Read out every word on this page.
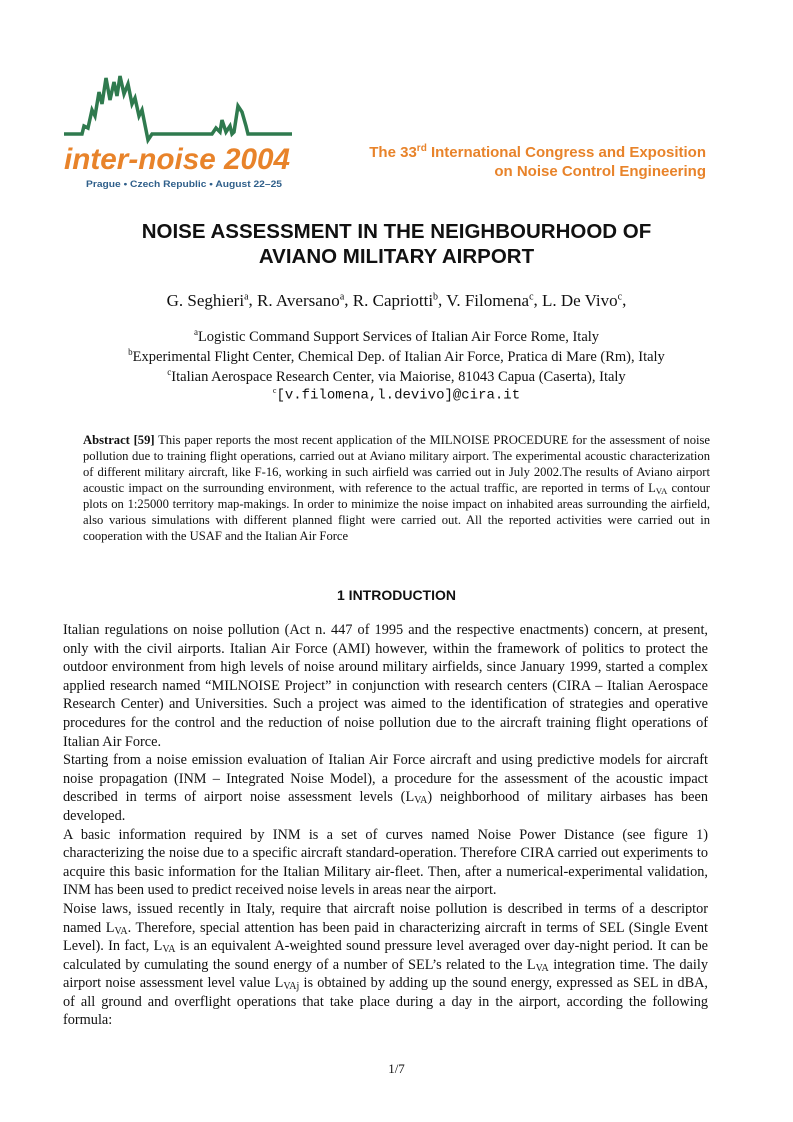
inter-noise 2004
Prague • Czech Republic • August 22–25
The 33rd International Congress and Exposition
on Noise Control Engineering
NOISE ASSESSMENT IN THE NEIGHBOURHOOD OF
AVIANO MILITARY AIRPORT
G. Seghieri$^a$, R. Aversano$^a$, R. Capriotti$^b$, V. Filomena$^c$, L. De Vivo$^c$,
$^a$Logistic Command Support Services of Italian Air Force Rome, Italy
$^b$Experimental Flight Center, Chemical Dep. of Italian Air Force, Pratica di Mare (Rm), Italy
$^c$Italian Aerospace Research Center, via Maiorise, 81043 Capua (Caserta), Italy
$^c$[v.filomena,l.devivo]@cira.it
Abstract [59] This paper reports the most recent application of the MILNOISE PROCEDURE for the assessment of noise pollution due to training flight operations, carried out at Aviano military airport. The experimental acoustic characterization of different military aircraft, like F-16, working in such airfield was carried out in July 2002.The results of Aviano airport acoustic impact on the surrounding environment, with reference to the actual traffic, are reported in terms of $L_{VA}$ contour plots on 1:25000 territory map-makings. In order to minimize the noise impact on inhabited areas surrounding the airfield, also various simulations with different planned flight were carried out. All the reported activities were carried out in cooperation with the USAF and the Italian Air Force
1 INTRODUCTION

Italian regulations on noise pollution (Act n. 447 of 1995 and the respective enactments) concern, at present, only with the civil airports. Italian Air Force (AMI) however, within the framework of politics to protect the outdoor environment from high levels of noise around military airfields, since January 1999, started a complex applied research named “MILNOISE Project” in conjunction with research centers (CIRA – Italian Aerospace Research Center) and Universities. Such a project was aimed to the identification of strategies and operative procedures for the control and the reduction of noise pollution due to the aircraft training flight operations of Italian Air Force.

Starting from a noise emission evaluation of Italian Air Force aircraft and using predictive models for aircraft noise propagation (INM – Integrated Noise Model), a procedure for the assessment of the acoustic impact described in terms of airport noise assessment levels $(L_{VA})$ neighborhood of military airbases has been developed.

A basic information required by INM is a set of curves named Noise Power Distance (see figure 1) characterizing the noise due to a specific aircraft standard-operation. Therefore CIRA carried out experiments to acquire this basic information for the Italian Military air-fleet. Then, after a numerical-experimental validation, INM has been used to predict received noise levels in areas near the airport.

Noise laws, issued recently in Italy, require that aircraft noise pollution is described in terms of a descriptor named $L_{VA}$. Therefore, special attention has been paid in characterizing aircraft in terms of SEL (Single Event Level). In fact, $L_{VA}$ is an equivalent A-weighted sound pressure level averaged over day-night period. It can be calculated by cumulating the sound energy of a number of SEL’s related to the $L_{VA}$ integration time. The daily airport noise assessment level value $L_{VAj}$ is obtained by adding up the sound energy, expressed as SEL in dBA, of all ground and overflight operations that take place during a day in the airport, according the following formula:

1/7
